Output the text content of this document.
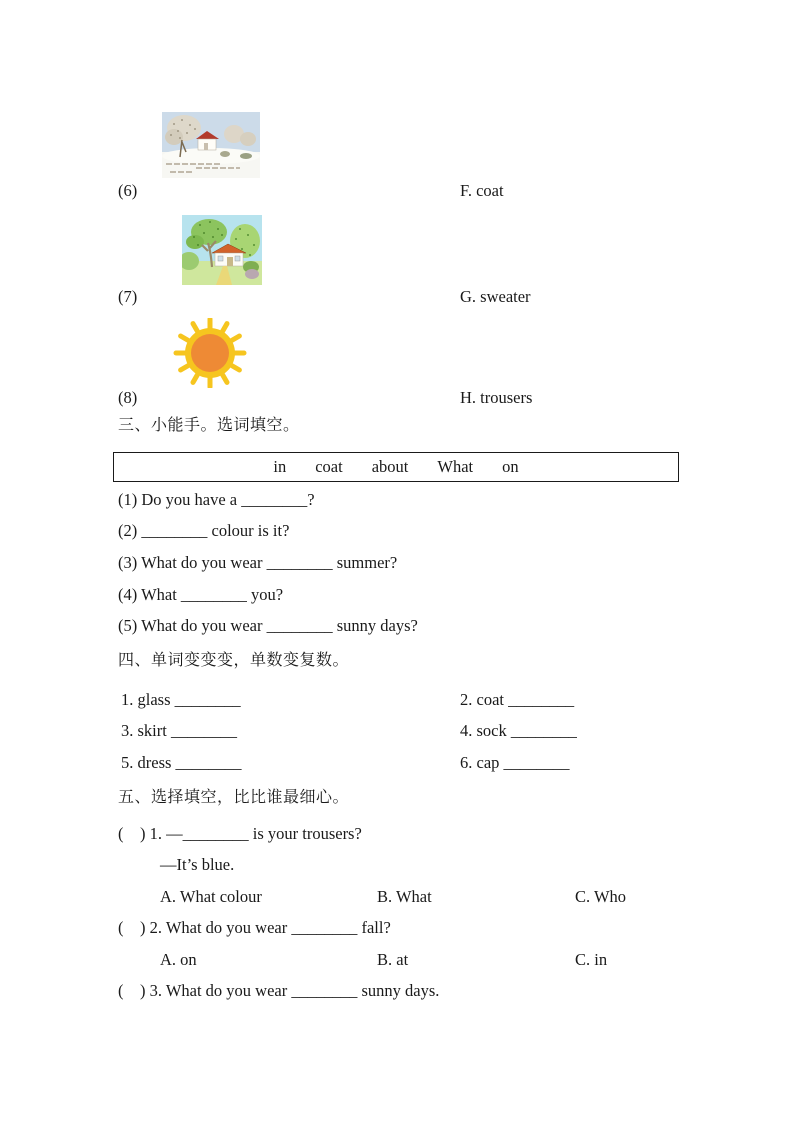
(6)	F. coat
(7)	G. sweater
(8)	H. trousers
三、小能手。选词填空。
in coat about What on
(1) Do you have a ________?
(2) ________ colour is it?
(3) What do you wear ________ summer?
(4) What ________ you?
(5) What do you wear ________ sunny days?
四、单词变变变，单数变复数。
1. glass ________	2. coat ________
3. skirt ________	4. sock ________
5. dress ________	6. cap ________
五、选择填空，比比谁最细心。
(    ) 1. —________ is your trousers?
—It’s blue.
A. What colour	B. What	C. Who
(    ) 2. What do you wear ________ fall?
A. on	B. at	C. in
(    ) 3. What do you wear ________ sunny days.
